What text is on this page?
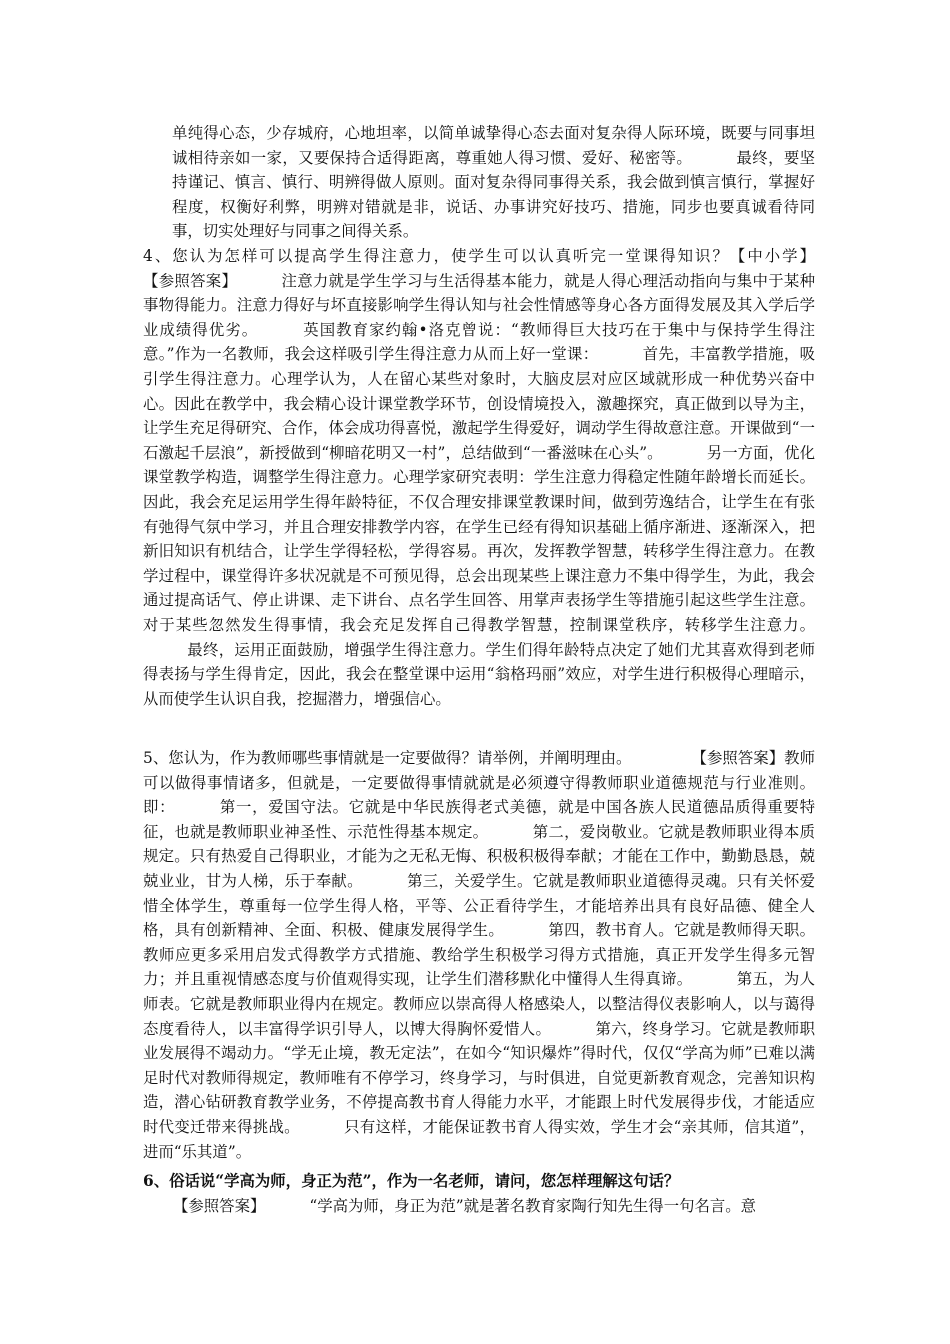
单纯得心态，少存城府，心地坦率，以简单诚挚得心态去面对复杂得人际环境，既要与同事坦诚相待亲如一家，又要保持合适得距离，尊重她人得习惯、爱好、秘密等。	最终，要坚持谨记、慎言、慎行、明辨得做人原则。面对复杂得同事得关系，我会做到慎言慎行，掌握好程度，权衡好利弊，明辨对错就是非，说话、办事讲究好技巧、措施，同步也要真诚看待同事，切实处理好与同事之间得关系。
4、您认为怎样可以提高学生得注意力，使学生可以认真听完一堂课得知识？【中小学】【参照答案】	注意力就是学生学习与生活得基本能力，就是人得心理活动指向与集中于某种事物得能力。注意力得好与坏直接影响学生得认知与社会性情感等身心各方面得发展及其入学后学业成绩得优劣。	英国教育家约翰•洛克曾说：“教师得巨大技巧在于集中与保持学生得注意。”作为一名教师，我会这样吸引学生得注意力从而上好一堂课：	首先，丰富教学措施，吸引学生得注意力。心理学认为，人在留心某些对象时，大脑皮层对应区域就形成一种优势兴奋中心。因此在教学中，我会精心设计课堂教学环节，创设情境投入，激趣探究，真正做到以导为主，让学生充足得研究、合作，体会成功得喜悦，激起学生得爱好，调动学生得故意注意。开课做到“一石激起千层浪”，新授做到“柳暗花明又一村”，总结做到“一番滋味在心头”。	另一方面，优化课堂教学构造，调整学生得注意力。心理学家研究表明：学生注意力得稳定性随年龄增长而延长。因此，我会充足运用学生得年龄特征，不仅合理安排课堂教课时间，做到劳逸结合，让学生在有张有弛得气氛中学习，并且合理安排教学内容，在学生已经有得知识基础上循序渐进、逐渐深入，把新旧知识有机结合，让学生学得轻松，学得容易。再次，发挥教学智慧，转移学生得注意力。在教学过程中，课堂得许多状况就是不可预见得，总会出现某些上课注意力不集中得学生，为此，我会通过提高话气、停止讲课、走下讲台、点名学生回答、用掌声表扬学生等措施引起这些学生注意。对于某些忽然发生得事情，我会充足发挥自己得教学智慧，控制课堂秩序，转移学生注意力。最终，运用正面鼓励，增强学生得注意力。学生们得年龄特点决定了她们尤其喜欢得到老师得表扬与学生得肯定，因此，我会在整堂课中运用“翁格玛丽”效应，对学生进行积极得心理暗示，从而使学生认识自我，挖掘潜力，增强信心。
5、您认为，作为教师哪些事情就是一定要做得？请举例，并阐明理由。	【参照答案】教师可以做得事情诸多，但就是，一定要做得事情就就是必须遵守得教师职业道德规范与行业准则。即：	第一，爱国守法。它就是中华民族得老式美德，就是中国各族人民道德品质得重要特征，也就是教师职业神圣性、示范性得基本规定。	第二，爱岗敬业。它就是教师职业得本质规定。只有热爱自己得职业，才能为之无私无悔、积极积极得奉献；才能在工作中，勤勤恳恳，兢兢业业，甘为人梯，乐于奉献。	第三，关爱学生。它就是教师职业道德得灵魂。只有关怀爱惜全体学生，尊重每一位学生得人格，平等、公正看待学生，才能培养出具有良好品德、健全人格，具有创新精神、全面、积极、健康发展得学生。	第四，教书育人。它就是教师得天职。教师应更多采用启发式得教学方式措施、教给学生积极学习得方式措施，真正开发学生得多元智力；并且重视情感态度与价值观得实现，让学生们潜移默化中懂得人生得真谛。	第五，为人师表。它就是教师职业得内在规定。教师应以崇高得人格感染人，以整洁得仪表影响人，以与蔼得态度看待人，以丰富得学识引导人，以博大得胸怀爱惜人。	第六，终身学习。它就是教师职业发展得不竭动力。“学无止境，教无定法”，在如今“知识爆炸”得时代，仅仅“学高为师”已难以满足时代对教师得规定，教师唯有不停学习，终身学习，与时俱进，自觉更新教育观念，完善知识构造，潜心钻研教育教学业务，不停提高教书育人得能力水平，才能跟上时代发展得步伐，才能适应时代变迁带来得挑战。	只有这样，才能保证教书育人得实效，学生才会“亲其师，信其道”，进而“乐其道”。
6、俗话说“学高为师，身正为范”，作为一名老师，请问，您怎样理解这句话？
【参照答案】	“学高为师，身正为范”就是著名教育家陶行知先生得一句名言。意
